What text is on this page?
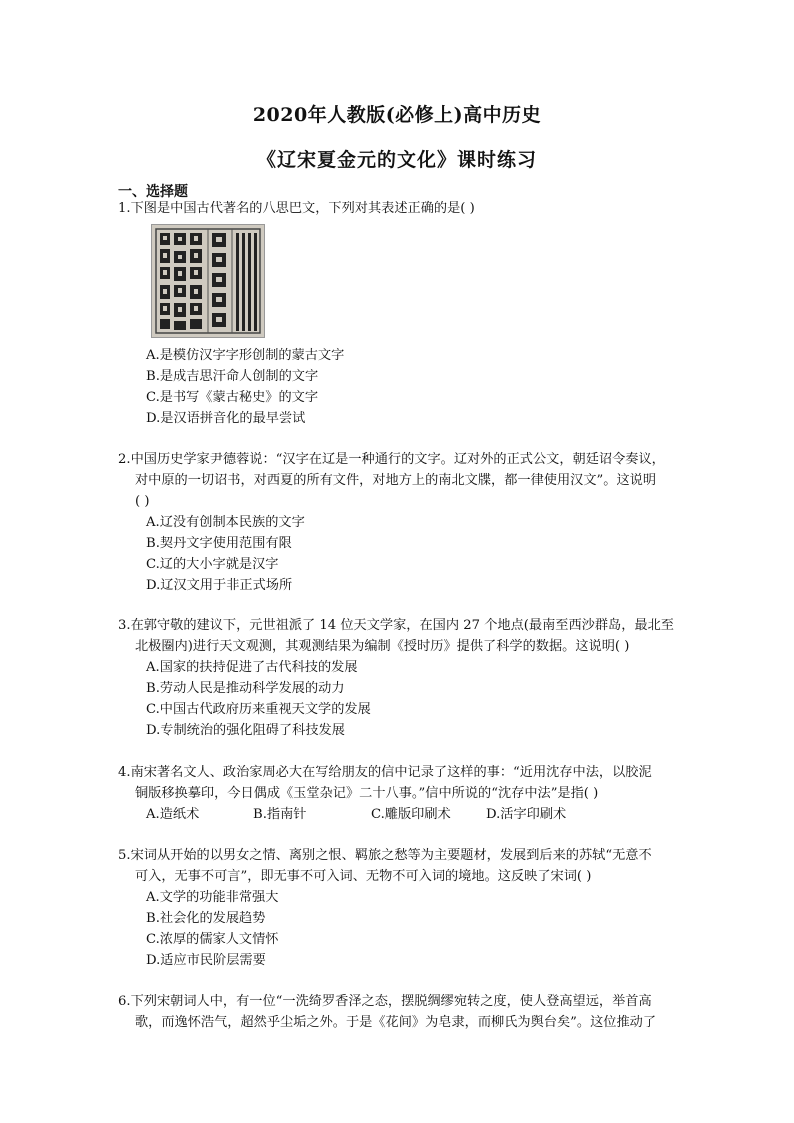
2020年人教版(必修上)高中历史
《辽宋夏金元的文化》课时练习
一、选择题
1.下图是中国古代著名的八思巴文，下列对其表述正确的是( )
A.是模仿汉字字形创制的蒙古文字
B.是成吉思汗命人创制的文字
C.是书写《蒙古秘史》的文字
D.是汉语拼音化的最早尝试
2.中国历史学家尹德蓉说：“汉字在辽是一种通行的文字。辽对外的正式公文，朝廷诏令奏议，
对中原的一切诏书，对西夏的所有文件，对地方上的南北文牒，都一律使用汉文”。这说明
( )
A.辽没有创制本民族的文字
B.契丹文字使用范围有限
C.辽的大小字就是汉字
D.辽汉文用于非正式场所
3.在郭守敬的建议下，元世祖派了 14 位天文学家，在国内 27 个地点(最南至西沙群岛，最北至
北极圈内)进行天文观测，其观测结果为编制《授时历》提供了科学的数据。这说明( )
A.国家的扶持促进了古代科技的发展
B.劳动人民是推动科学发展的动力
C.中国古代政府历来重视天文学的发展
D.专制统治的强化阻碍了科技发展
4.南宋著名文人、政治家周必大在写给朋友的信中记录了这样的事：“近用沈存中法，以胶泥
铜版移换摹印，今日偶成《玉堂杂记》二十八事。”信中所说的“沈存中法”是指( )
A.造纸术	B.指南针	C.雕版印刷术	D.活字印刷术
5.宋词从开始的以男女之情、离别之恨、羁旅之愁等为主要题材，发展到后来的苏轼“无意不
可入，无事不可言”，即无事不可入词、无物不可入词的境地。这反映了宋词( )
A.文学的功能非常强大
B.社会化的发展趋势
C.浓厚的儒家人文情怀
D.适应市民阶层需要
6.下列宋朝词人中，有一位“一洗绮罗香泽之态，摆脱绸缪宛转之度，使人登高望远，举首高
歌，而逸怀浩气，超然乎尘垢之外。于是《花间》为皂隶，而柳氏为舆台矣”。这位推动了
